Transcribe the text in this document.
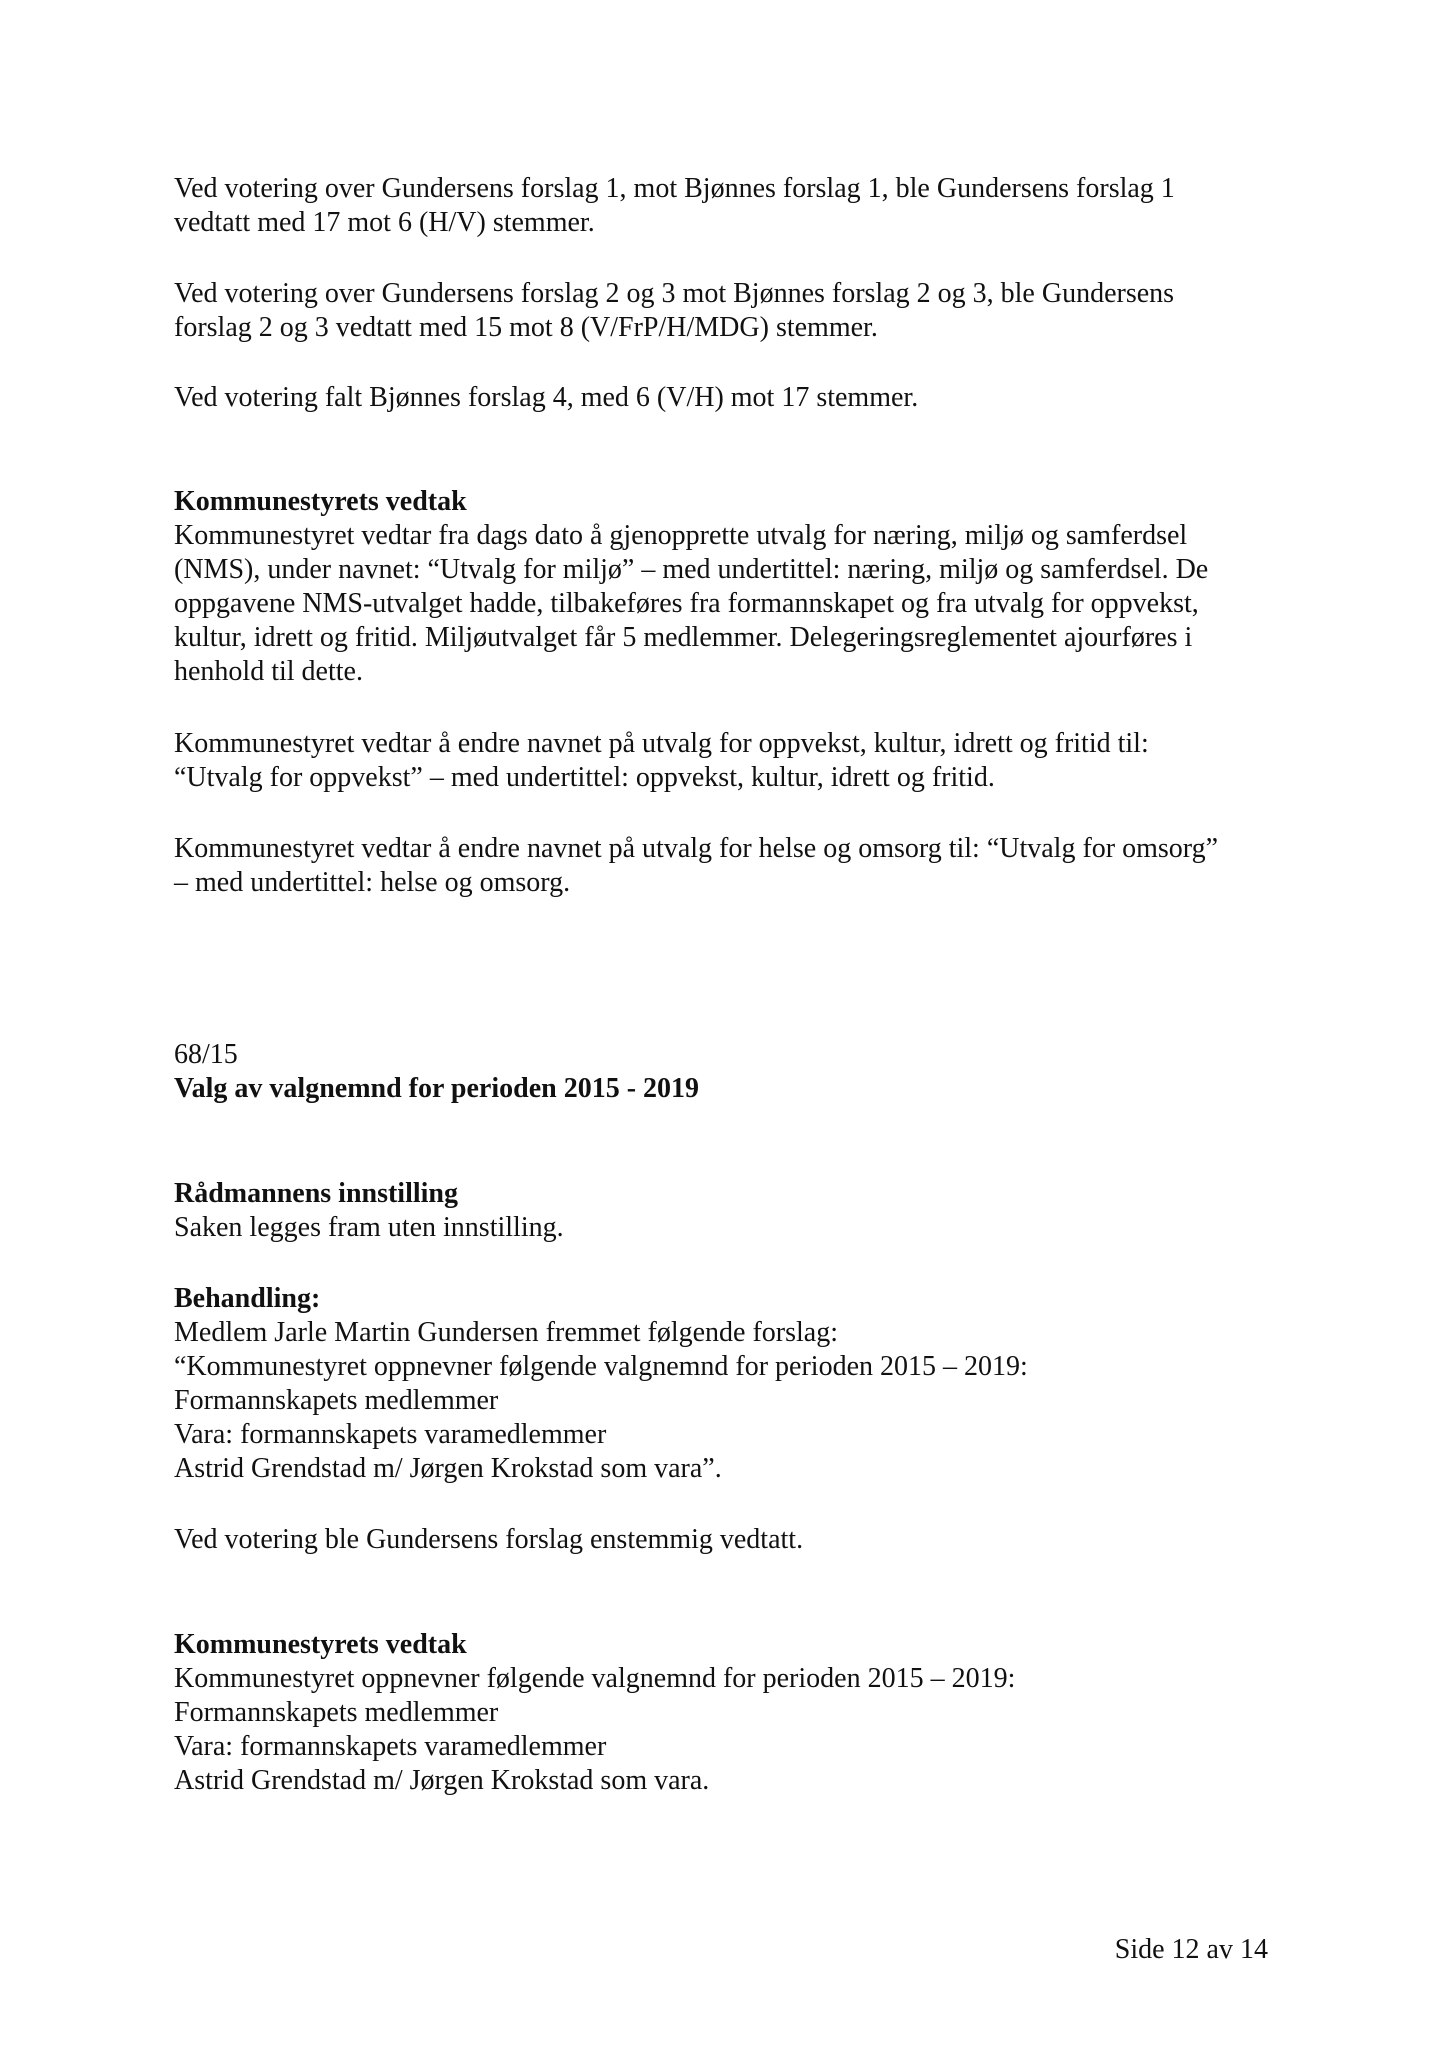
Ved votering over Gundersens forslag 1, mot Bjønnes forslag 1, ble Gundersens forslag 1
vedtatt med 17 mot 6 (H/V) stemmer.
Ved votering over Gundersens forslag 2 og 3 mot Bjønnes forslag 2 og 3, ble Gundersens
forslag 2 og 3 vedtatt med 15 mot 8 (V/FrP/H/MDG) stemmer.
Ved votering falt Bjønnes forslag 4, med 6 (V/H) mot 17 stemmer.
Kommunestyrets vedtak
Kommunestyret vedtar fra dags dato å gjenopprette utvalg for næring, miljø og samferdsel
(NMS), under navnet: “Utvalg for miljø” – med undertittel: næring, miljø og samferdsel. De
oppgavene NMS-utvalget hadde, tilbakeføres fra formannskapet og fra utvalg for oppvekst,
kultur, idrett og fritid. Miljøutvalget får 5 medlemmer. Delegeringsreglementet ajourføres i
henhold til dette.
Kommunestyret vedtar å endre navnet på utvalg for oppvekst, kultur, idrett og fritid til:
“Utvalg for oppvekst” – med undertittel: oppvekst, kultur, idrett og fritid.
Kommunestyret vedtar å endre navnet på utvalg for helse og omsorg til: “Utvalg for omsorg”
– med undertittel: helse og omsorg.
68/15
Valg av valgnemnd for perioden 2015 - 2019
Rådmannens innstilling
Saken legges fram uten innstilling.
Behandling:
Medlem Jarle Martin Gundersen fremmet følgende forslag:
“Kommunestyret oppnevner følgende valgnemnd for perioden 2015 – 2019:
Formannskapets medlemmer
Vara: formannskapets varamedlemmer
Astrid Grendstad m/ Jørgen Krokstad som vara”.
Ved votering ble Gundersens forslag enstemmig vedtatt.
Kommunestyrets vedtak
Kommunestyret oppnevner følgende valgnemnd for perioden 2015 – 2019:
Formannskapets medlemmer
Vara: formannskapets varamedlemmer
Astrid Grendstad m/ Jørgen Krokstad som vara.
Side 12 av 14
